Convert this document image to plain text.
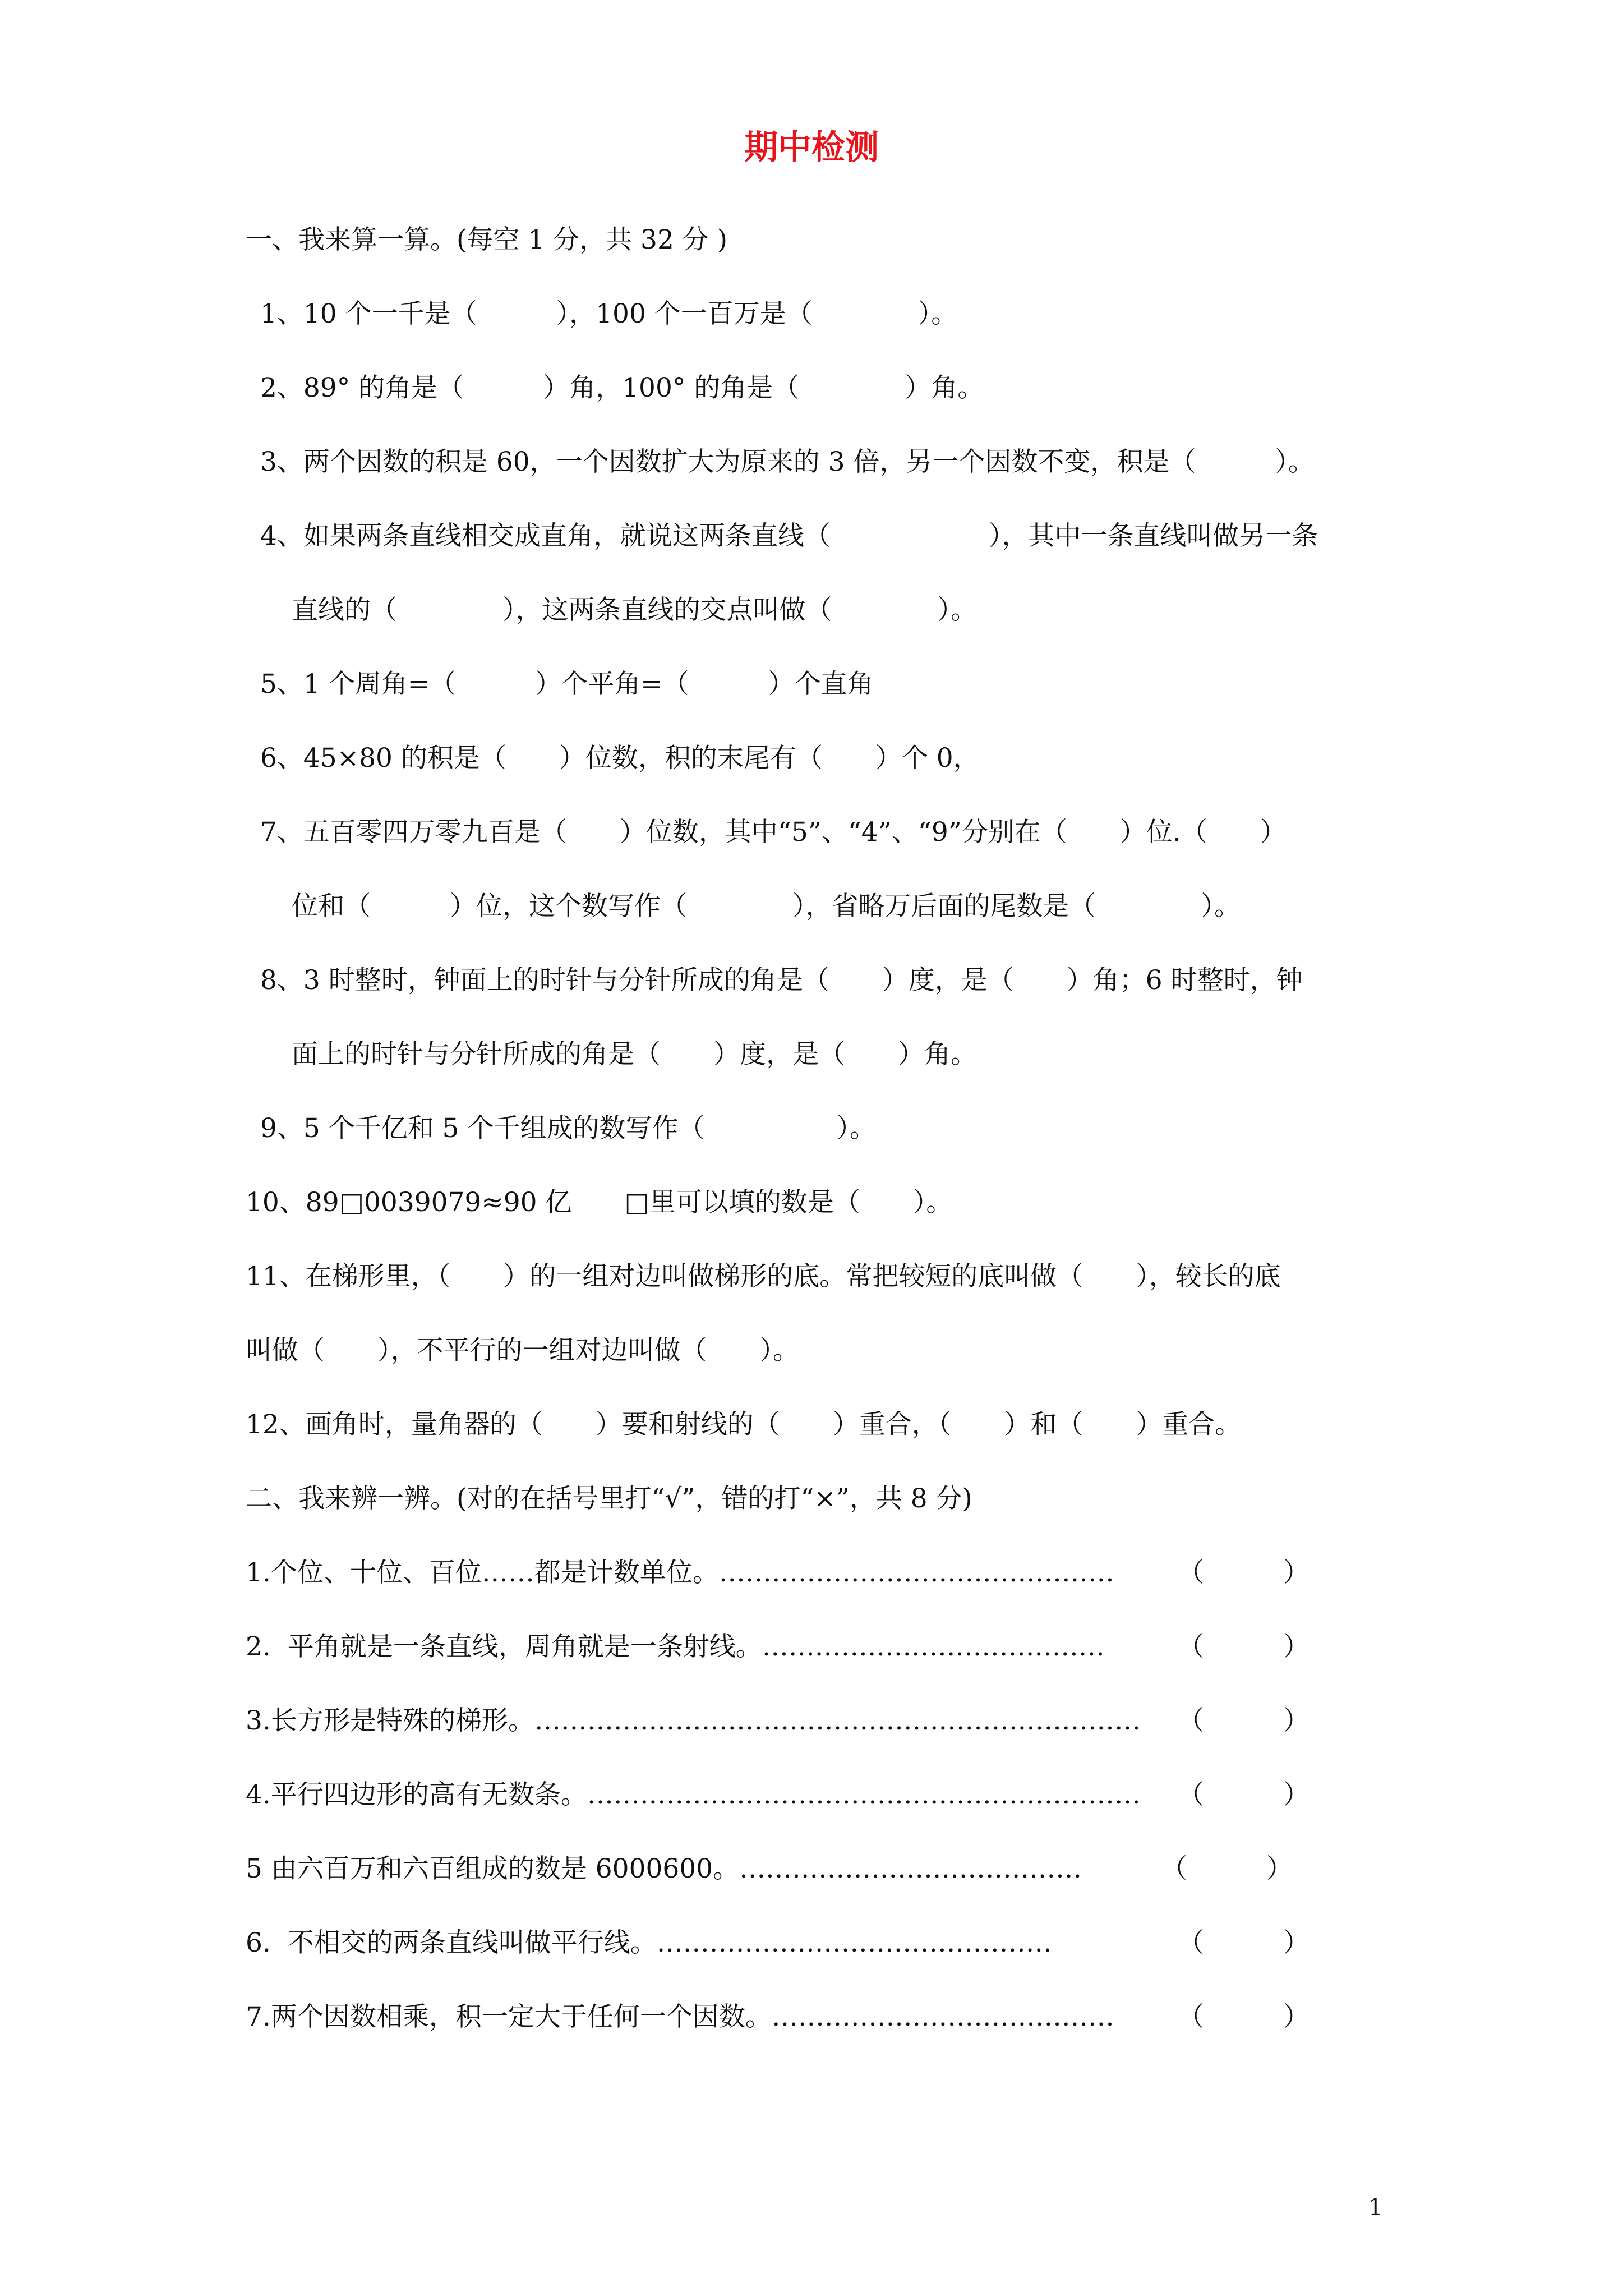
期中检测
一、我来算一算。(每空 1 分，共 32 分 )
1、10 个一千是（　　　），100 个一百万是（　　　　）。
2、89° 的角是（　　　）角，100° 的角是（　　　　）角。
3、两个因数的积是 60，一个因数扩大为原来的 3 倍，另一个因数不变，积是（　　　）。
4、如果两条直线相交成直角，就说这两条直线（　　　　　　），其中一条直线叫做另一条
直线的（　　　　），这两条直线的交点叫做（　　　　）。
5、1 个周角=（　　　）个平角=（　　　）个直角
6、45×80 的积是（　　）位数，积的末尾有（　　）个 0，
7、五百零四万零九百是（　　）位数，其中“5”、“4”、“9”分别在（　　）位.（　　）
位和（　　　）位，这个数写作（　　　　），省略万后面的尾数是（　　　　）。
8、3 时整时，钟面上的时针与分针所成的角是（　　）度，是（　　）角；6 时整时，钟
面上的时针与分针所成的角是（　　）度，是（　　）角。
9、5 个千亿和 5 个千组成的数写作（　　　　　）。
10、89□0039079≈90 亿　　□里可以填的数是（　　）。
11、在梯形里，（　　）的一组对边叫做梯形的底。常把较短的底叫做（　　），较长的底
叫做（　　），不平行的一组对边叫做（　　）。
12、画角时，量角器的（　　）要和射线的（　　）重合，（　　）和（　　）重合。
二、我来辨一辨。(对的在括号里打“√”，错的打“×”，共 8 分)
1.个位、十位、百位……都是计数单位。……………………………………… （　　　）
2.  平角就是一条直线，周角就是一条射线。…………………………………	（　　　）
3.长方形是特殊的梯形。…………………………………………………………… （　　　）
4.平行四边形的高有无数条。……………………………………………………… （　　　）
5 由六百万和六百组成的数是 6000600。…………………………………	（　　　）
6.  不相交的两条直线叫做平行线。………………………………………	（　　　）
7.两个因数相乘，积一定大于任何一个因数。………………………………… （　　　）
1
